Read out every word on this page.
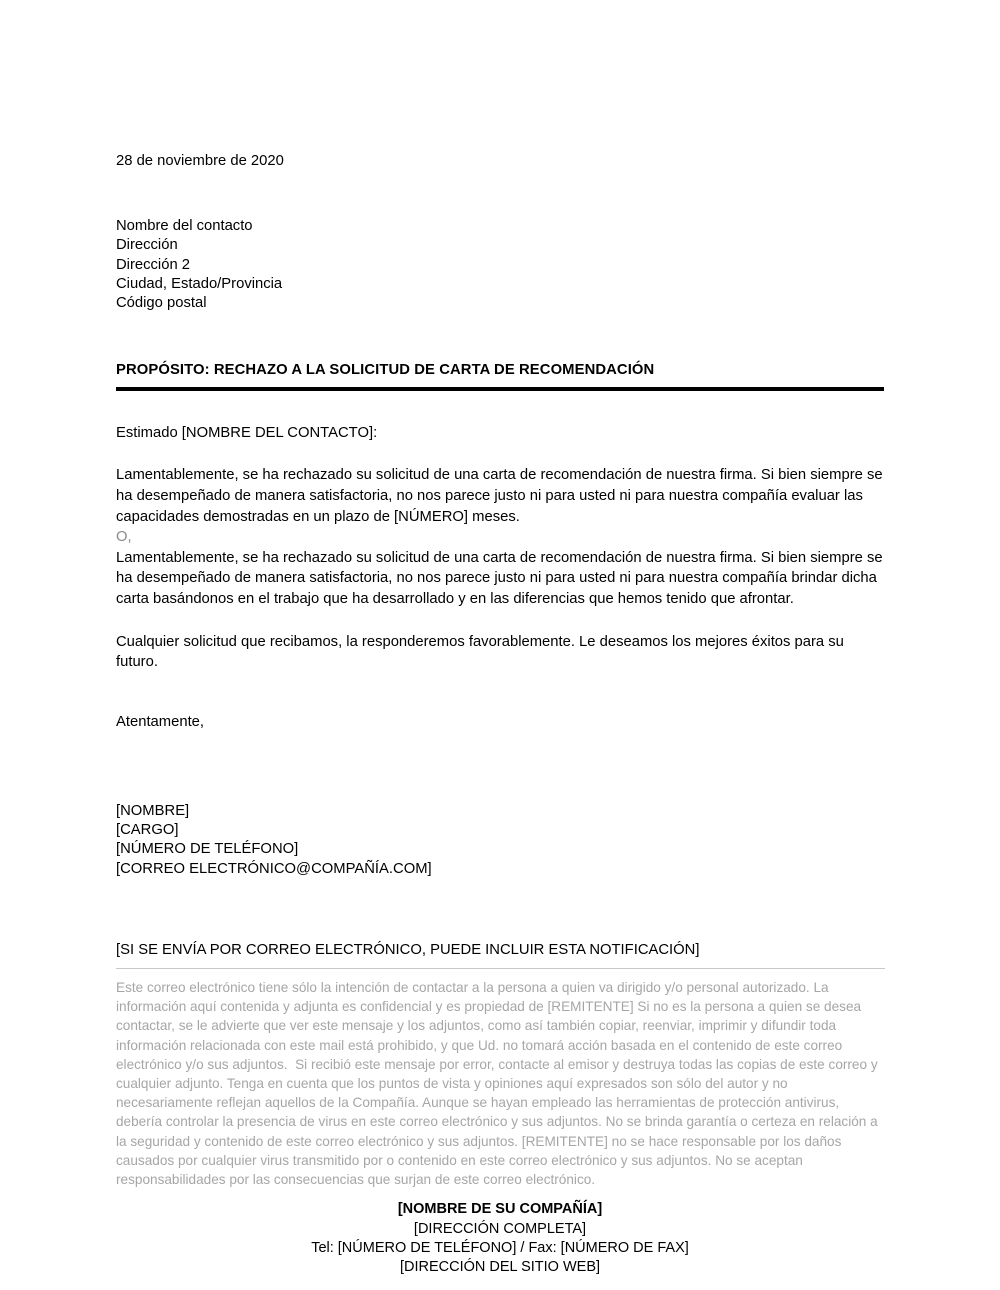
28 de noviembre de 2020
Nombre del contacto
Dirección
Dirección 2
Ciudad, Estado/Provincia
Código postal
PROPÓSITO: RECHAZO A LA SOLICITUD DE CARTA DE RECOMENDACIÓN
Estimado [NOMBRE DEL CONTACTO]:
Lamentablemente, se ha rechazado su solicitud de una carta de recomendación de nuestra firma. Si bien siempre se ha desempeñado de manera satisfactoria, no nos parece justo ni para usted ni para nuestra compañía evaluar las capacidades demostradas en un plazo de [NÚMERO] meses.
O,
Lamentablemente, se ha rechazado su solicitud de una carta de recomendación de nuestra firma. Si bien siempre se ha desempeñado de manera satisfactoria, no nos parece justo ni para usted ni para nuestra compañía brindar dicha carta basándonos en el trabajo que ha desarrollado y en las diferencias que hemos tenido que afrontar.
Cualquier solicitud que recibamos, la responderemos favorablemente. Le deseamos los mejores éxitos para su futuro.
Atentamente,
[NOMBRE]
[CARGO]
[NÚMERO DE TELÉFONO]
[CORREO ELECTRÓNICO@COMPAÑÍA.COM]
[SI SE ENVÍA POR CORREO ELECTRÓNICO, PUEDE INCLUIR ESTA NOTIFICACIÓN]
Este correo electrónico tiene sólo la intención de contactar a la persona a quien va dirigido y/o personal autorizado. La información aquí contenida y adjunta es confidencial y es propiedad de [REMITENTE] Si no es la persona a quien se desea contactar, se le advierte que ver este mensaje y los adjuntos, como así también copiar, reenviar, imprimir y difundir toda información relacionada con este mail está prohibido, y que Ud. no tomará acción basada en el contenido de este correo electrónico y/o sus adjuntos.  Si recibió este mensaje por error, contacte al emisor y destruya todas las copias de este correo y cualquier adjunto. Tenga en cuenta que los puntos de vista y opiniones aquí expresados son sólo del autor y no necesariamente reflejan aquellos de la Compañía. Aunque se hayan empleado las herramientas de protección antivirus, debería controlar la presencia de virus en este correo electrónico y sus adjuntos. No se brinda garantía o certeza en relación a la seguridad y contenido de este correo electrónico y sus adjuntos. [REMITENTE] no se hace responsable por los daños causados por cualquier virus transmitido por o contenido en este correo electrónico y sus adjuntos. No se aceptan responsabilidades por las consecuencias que surjan de este correo electrónico.
[NOMBRE DE SU COMPAÑÍA]
[DIRECCIÓN COMPLETA]
Tel: [NÚMERO DE TELÉFONO] / Fax: [NÚMERO DE FAX]
[DIRECCIÓN DEL SITIO WEB]
